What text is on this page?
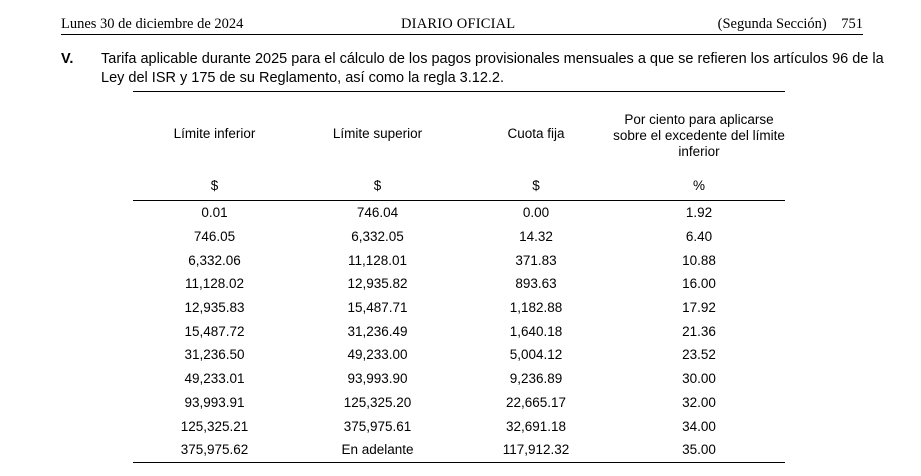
Lunes 30 de diciembre de 2024	DIARIO OFICIAL	(Segunda Sección) 751
V. Tarifa aplicable durante 2025 para el cálculo de los pagos provisionales mensuales a que se refieren los artículos 96 de la Ley del ISR y 175 de su Reglamento, así como la regla 3.12.2.
Límite inferior	Límite superior	Cuota fija	Por ciento para aplicarse sobre el excedente del límite inferior
$	$	$	%
0.01	746.04	0.00	1.92
746.05	6,332.05	14.32	6.40
6,332.06	11,128.01	371.83	10.88
11,128.02	12,935.82	893.63	16.00
12,935.83	15,487.71	1,182.88	17.92
15,487.72	31,236.49	1,640.18	21.36
31,236.50	49,233.00	5,004.12	23.52
49,233.01	93,993.90	9,236.89	30.00
93,993.91	125,325.20	22,665.17	32.00
125,325.21	375,975.61	32,691.18	34.00
375,975.62	En adelante	117,912.32	35.00
